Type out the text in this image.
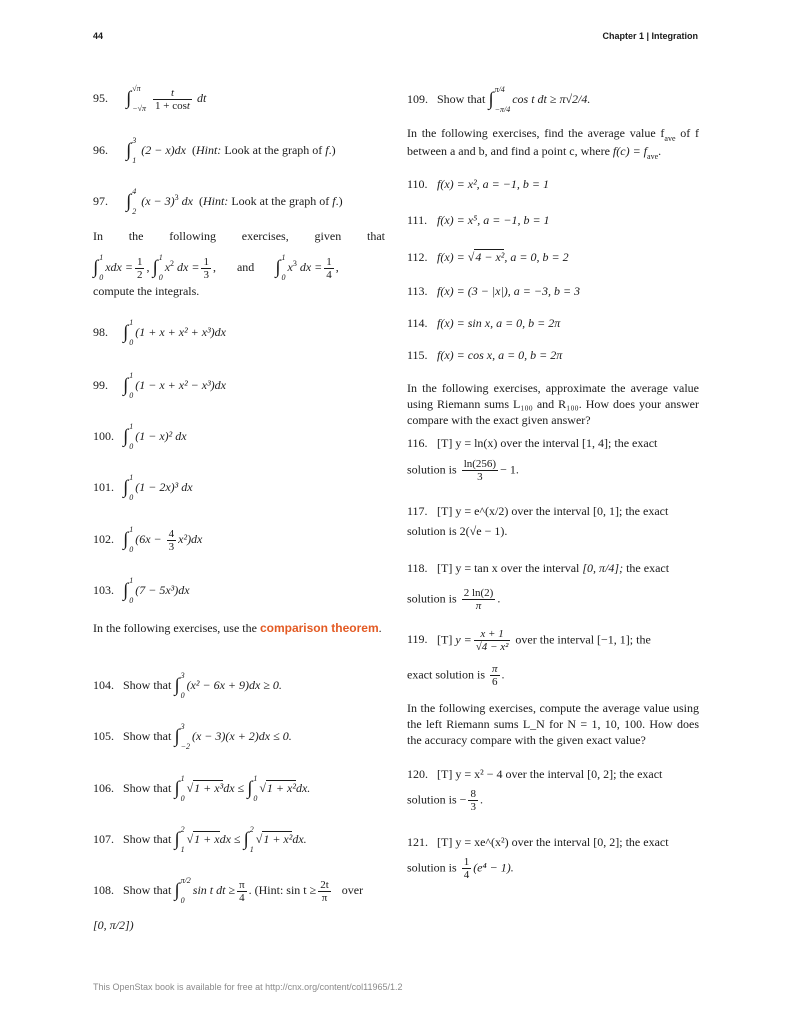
44	Chapter 1 | Integration
95. ∫√π

$-√\pi \frac{t}{1 + \cos t}$ dt
96. ∫3

1 (2 − x)dx  (Hint: Look at the graph of f.)
97. ∫4

2 $(x - 3)^3$ dx  (Hint: Look at the graph of f.)
In the following exercises, given that
∫1

$0xdx = \frac{1}{2}$ , ∫1

$0x^2$ dx = $\frac{1}{3}$ , and ∫1

$0x^3$ dx = $\frac{1}{4}$ ,
compute the integrals.
98. ∫1

0(1 + x + x² + x³)dx
99. ∫1

0(1 − x + x² − x³)dx
100. ∫1

0(1 − x)² dx
101. ∫1

0(1 − 2x)³ dx
102. ∫1

$0(6x - \frac{4}{3} x^2)dx$
103. ∫1

0(7 − 5x³)dx
In the following exercises, use the comparison theorem.
104. Show that ∫3

0(x² − 6x + 9)dx ≥ 0.
105. Show that ∫3

−2(x − 3)(x + 2)dx ≤ 0.
106. Show that ∫1

0√1 + x³dx ≤ ∫1

0√1 + x²dx.
107. Show that ∫2

1√1 + xdx ≤ ∫2

1√1 + x²dx.
108. Show that ∫π/2

0sin t dt ≥ $\frac{\pi}{4}$ . (Hint: $\sin t \ge \frac{2t}{\pi}$ over
[0, π/2])
109. Show that ∫π/4

−π/4cos t dt ≥ π√2/4.
In the following exercises, find the average value $f_{ave}$ of f between a and b, and find a point c, where $f(c) = f_{ave}$.
110. f(x) = x², a = −1, b = 1
111. f(x) = x⁵, a = −1, b = 1
112. f(x) = √4 − x², a = 0, b = 2
113. f(x) = (3 − |x|), a = −3, b = 3
114. f(x) = sin x, a = 0, b = 2π
115. f(x) = cos x, a = 0, b = 2π
In the following exercises, approximate the average value using Riemann sums L₁₀₀ and R₁₀₀. How does your answer compare with the exact given answer?
116. [T] y = ln(x) over the interval [1, 4]; the exact
solution is $\frac{\ln(256)}{3} - 1$.
117. [T] y = e^(x/2) over the interval [0, 1]; the exact
solution is 2(√e − 1).
118. [T] y = tan x over the interval [0, π/4]; the exact
solution is $\frac{2 \ln(2)}{\pi}$ .
119. [T] $y = \frac{x + 1}{\text{√4 − x²}}$ over the interval [−1, 1]; the
exact solution is $\frac{\pi}{6}$ .
In the following exercises, compute the average value using the left Riemann sums L_N for N = 1, 10, 100. How does the accuracy compare with the given exact value?
120. [T] y = x² − 4 over the interval [0, 2]; the exact
solution is − $\frac{8}{3}$ .
121. [T] y = xe^(x²) over the interval [0, 2]; the exact
solution is $\frac{1}{4} (e^4 - 1)$.
This OpenStax book is available for free at http://cnx.org/content/col11965/1.2
